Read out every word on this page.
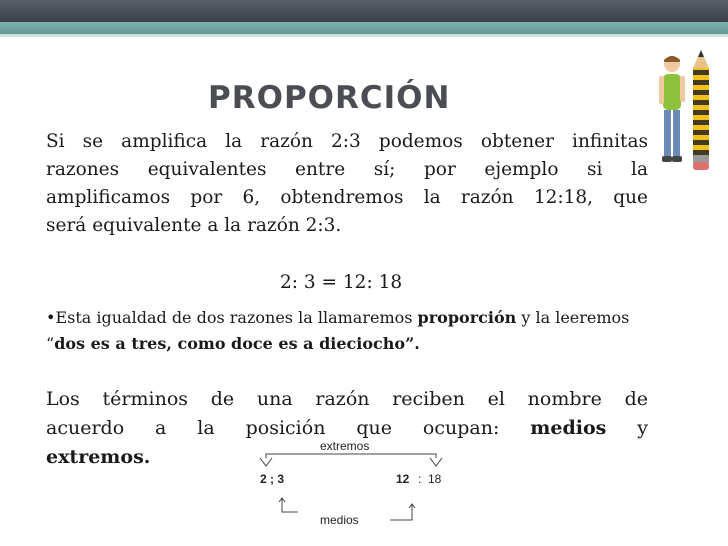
PROPORCIÓN
Si se amplifica la razón 2:3 podemos obtener infinitas
razones equivalentes entre sí; por ejemplo si la
amplificamos por 6, obtendremos la razón 12:18, que
será equivalente a la razón 2:3.
2: 3 = 12: 18
•Esta igualdad de dos razones la llamaremos proporción y la leeremos “dos es a tres, como doce es a dieciocho”.
Los términos de una razón reciben el nombre de
acuerdo a la posición que ocupan: medios y
extremos.	extremos
2 ; 3	12 : 18
medios
